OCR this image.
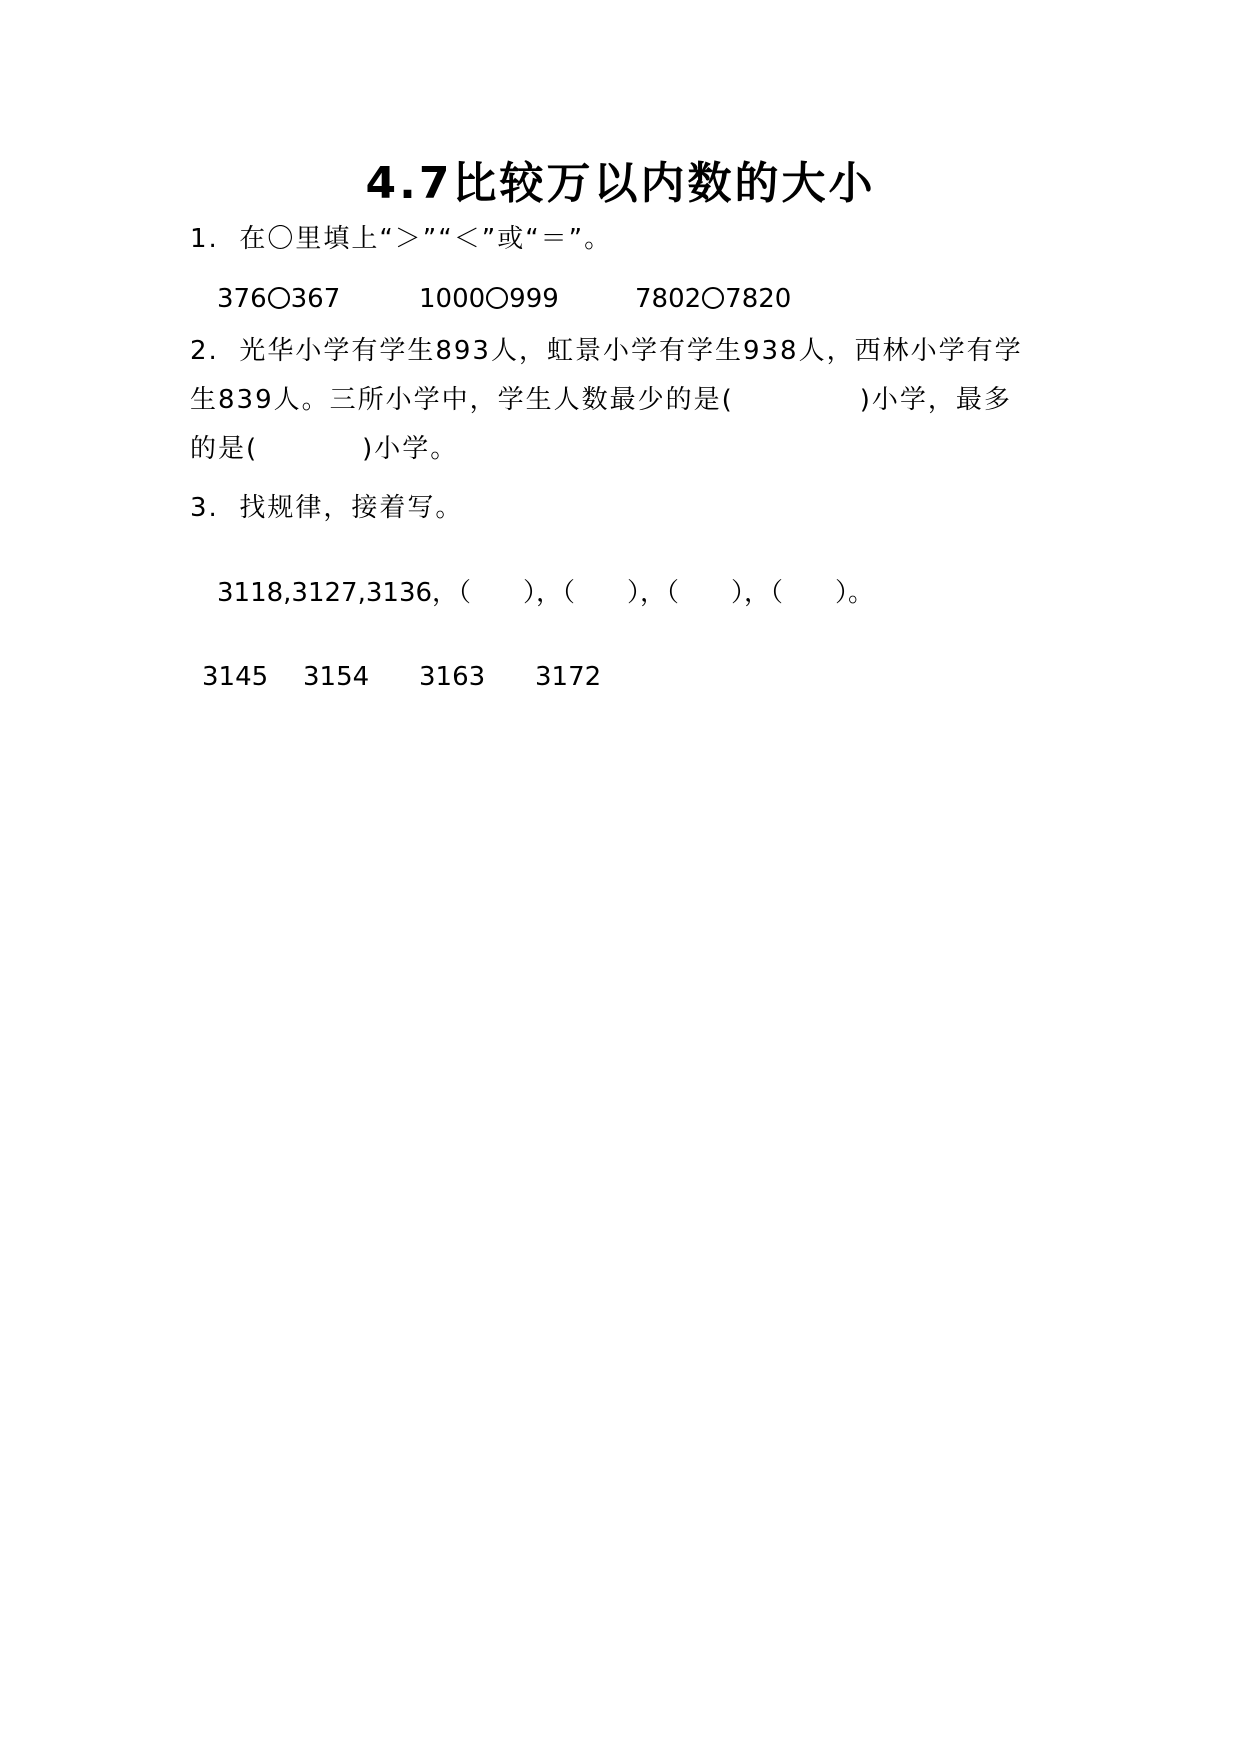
4.7比较万以内数的大小
1.  在〇里填上“＞”“＜”或“＝”。

376 367

	1000 999

	7802 7820

2.  光华小学有学生893人，虹景小学有学生938人，西林小学有学
生839人。三所小学中，学生人数最少的是(	)小学，最多
的是(	)小学。
3.  找规律，接着写。
3118,3127,3136，（　　），（　　），（　　），（　　）。
3145 3154 3163 3172
